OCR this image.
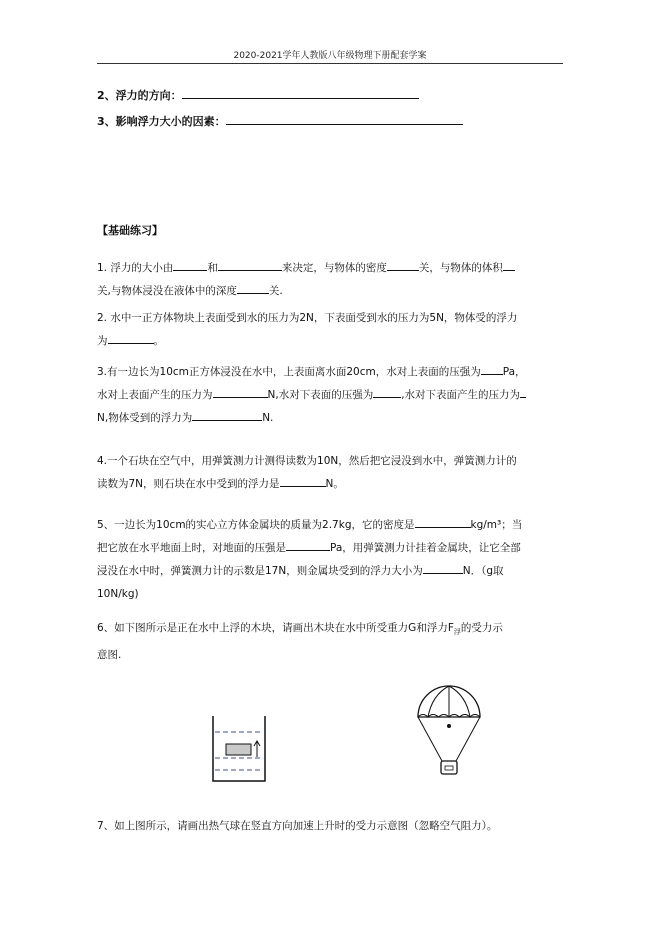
2020-2021学年人教版八年级物理下册配套学案
2、浮力的方向：
3、影响浮力大小的因素：
【基础练习】
1. 浮力的大小由	和	来决定，与物体的密度	关，与物体的体积
关,与物体浸没在液体中的深度	关.
2. 水中一正方体物块上表面受到水的压力为2N，下表面受到水的压力为5N，物体受的浮力
为	。
3.有一边长为10cm正方体浸没在水中，上表面离水面20cm，水对上表面的压强为 Pa，
水对上表面产生的压力为	N,水对下表面的压强为	,水对下表面产生的压力为
N,物体受到的浮力为	N.
4.一个石块在空气中，用弹簧测力计测得读数为10N，然后把它浸没到水中，弹簧测力计的
读数为7N，则石块在水中受到的浮力是	N。
5、一边长为10cm的实心立方体金属块的质量为2.7kg，它的密度是	kg/m³；当
把它放在水平地面上时，对地面的压强是	Pa，用弹簧测力计挂着金属块，让它全部
浸没在水中时，弹簧测力计的示数是17N，则金属块受到的浮力大小为	N．（g取
10N/kg)
6、如下图所示是正在水中上浮的木块，请画出木块在水中所受重力G和浮力$F_浮$的受力示
意图.
7、如上图所示，请画出热气球在竖直方向加速上升时的受力示意图（忽略空气阻力）。
